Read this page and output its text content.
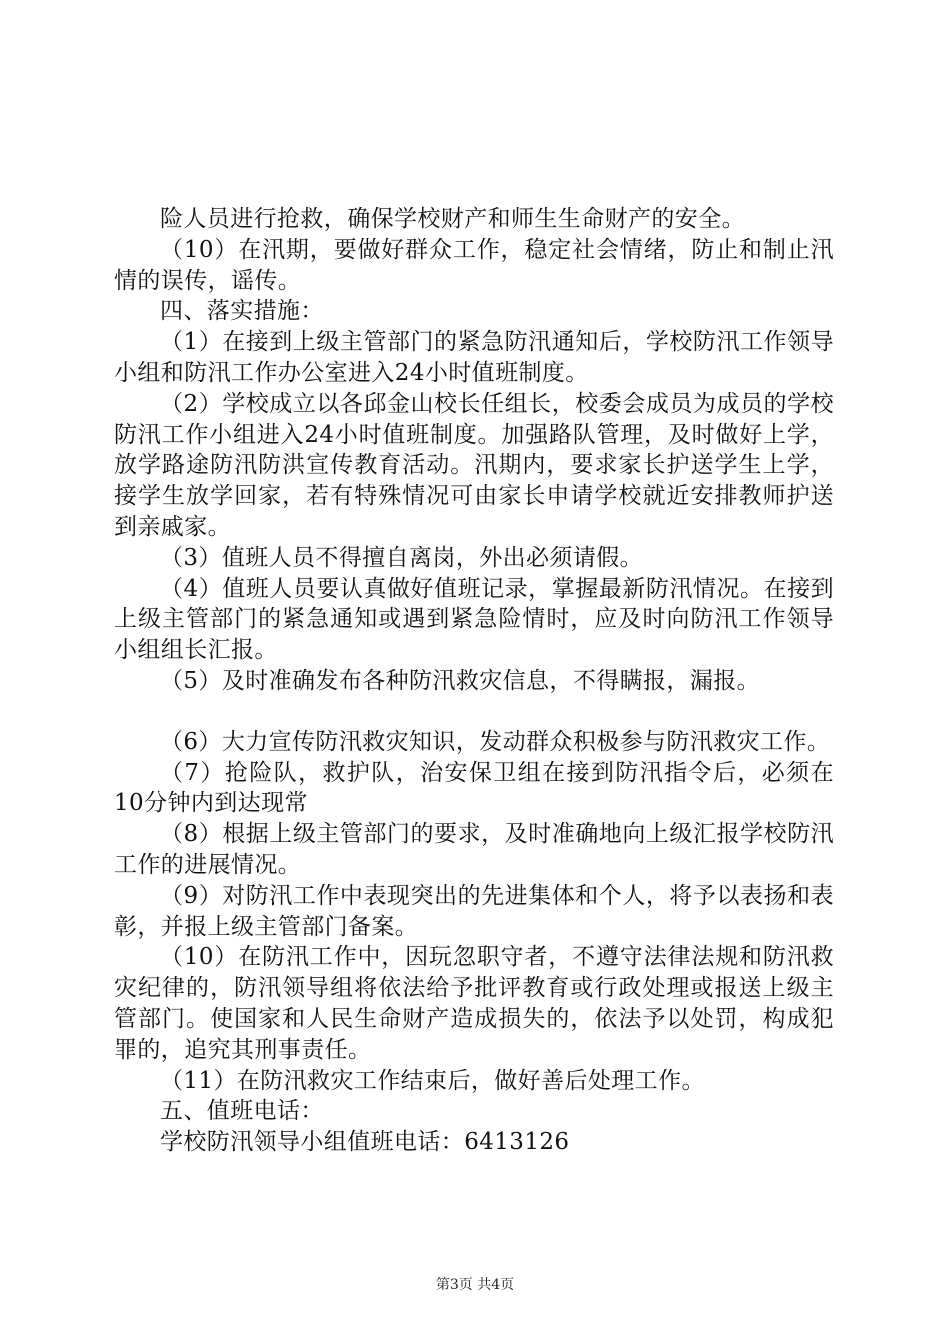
险人员进行抢救，确保学校财产和师生生命财产的安全。

（10）在汛期，要做好群众工作，稳定社会情绪，防止和制止汛情的误传，谣传。

四、落实措施：

（1）在接到上级主管部门的紧急防汛通知后，学校防汛工作领导小组和防汛工作办公室进入24小时值班制度。

（2）学校成立以各邱金山校长任组长，校委会成员为成员的学校防汛工作小组进入24小时值班制度。加强路队管理，及时做好上学，放学路途防汛防洪宣传教育活动。汛期内，要求家长护送学生上学，接学生放学回家，若有特殊情况可由家长申请学校就近安排教师护送到亲戚家。

（3）值班人员不得擅自离岗，外出必须请假。

（4）值班人员要认真做好值班记录，掌握最新防汛情况。在接到上级主管部门的紧急通知或遇到紧急险情时，应及时向防汛工作领导小组组长汇报。

（5）及时准确发布各种防汛救灾信息，不得瞒报，漏报。

（6）大力宣传防汛救灾知识，发动群众积极参与防汛救灾工作。

（7）抢险队，救护队，治安保卫组在接到防汛指令后，必须在10分钟内到达现常

（8）根据上级主管部门的要求，及时准确地向上级汇报学校防汛工作的进展情况。

（9）对防汛工作中表现突出的先进集体和个人，将予以表扬和表彰，并报上级主管部门备案。

（10）在防汛工作中，因玩忽职守者，不遵守法律法规和防汛救灾纪律的，防汛领导组将依法给予批评教育或行政处理或报送上级主管部门。使国家和人民生命财产造成损失的，依法予以处罚，构成犯罪的，追究其刑事责任。

（11）在防汛救灾工作结束后，做好善后处理工作。

五、值班电话：

学校防汛领导小组值班电话：6413126

第3页 共4页
